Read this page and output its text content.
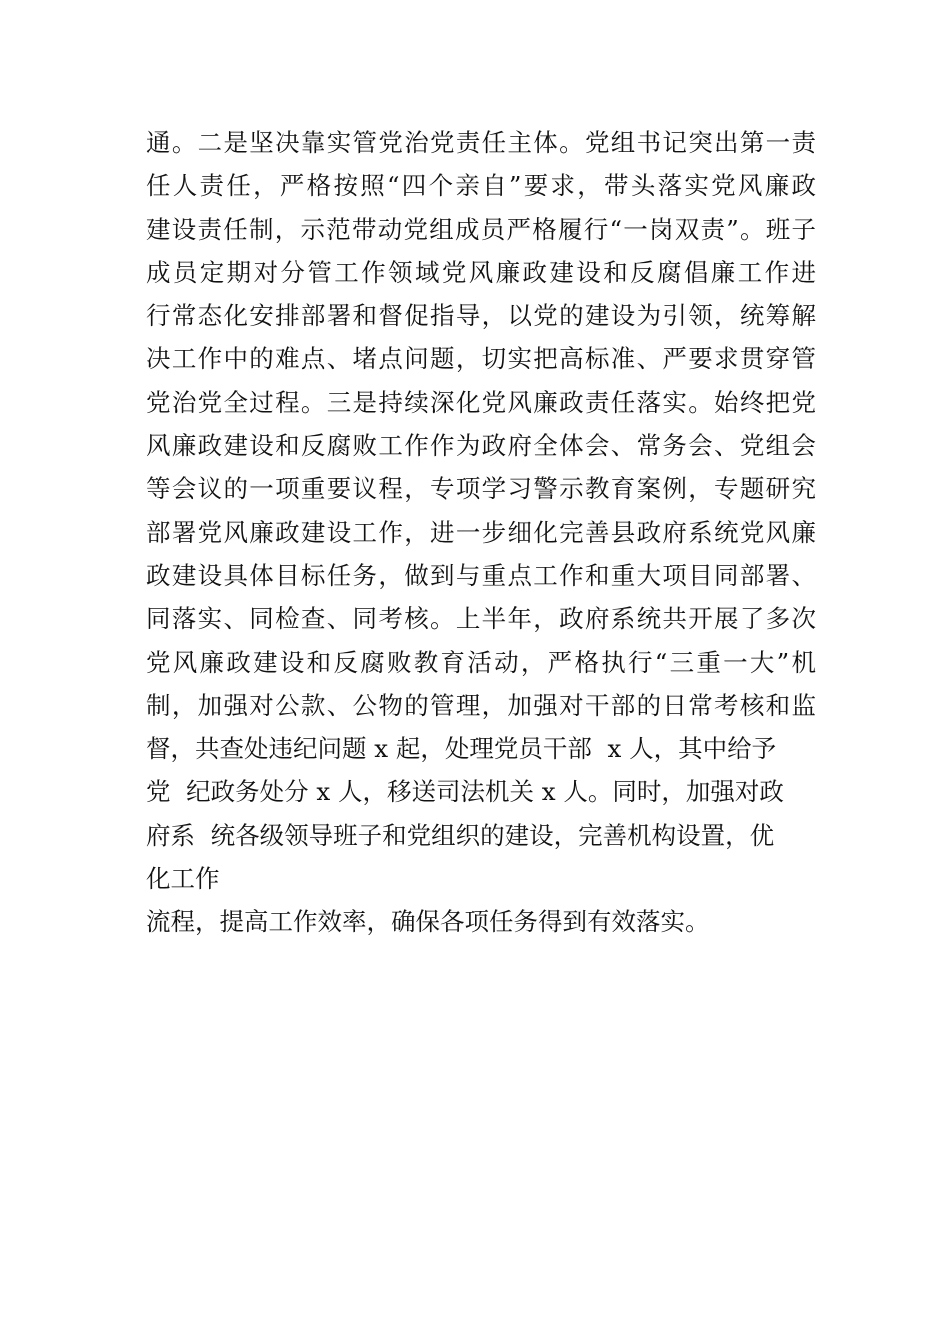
通。二是坚决靠实管党治党责任主体。党组书记突出第一责
任人责任，严格按照“四个亲自”要求，带头落实党风廉政
建设责任制，示范带动党组成员严格履行“一岗双责”。班子
成员定期对分管工作领域党风廉政建设和反腐倡廉工作进
行常态化安排部署和督促指导，以党的建设为引领，统筹解
决工作中的难点、堵点问题，切实把高标准、严要求贯穿管
党治党全过程。三是持续深化党风廉政责任落实。始终把党
风廉政建设和反腐败工作作为政府全体会、常务会、党组会
等会议的一项重要议程，专项学习警示教育案例，专题研究
部署党风廉政建设工作，进一步细化完善县政府系统党风廉
政建设具体目标任务，做到与重点工作和重大项目同部署、
同落实、同检查、同考核。上半年，政府系统共开展了多次
党风廉政建设和反腐败教育活动，严格执行“三重一大”机
制，加强对公款、公物的管理，加强对干部的日常考核和监
督，共查处违纪问题 x 起，处理党员干部  x 人，其中给予
党  纪政务处分 x 人，移送司法机关 x 人。同时，加强对政
府系  统各级领导班子和党组织的建设，完善机构设置，优
化工作
流程，提高工作效率，确保各项任务得到有效落实。
